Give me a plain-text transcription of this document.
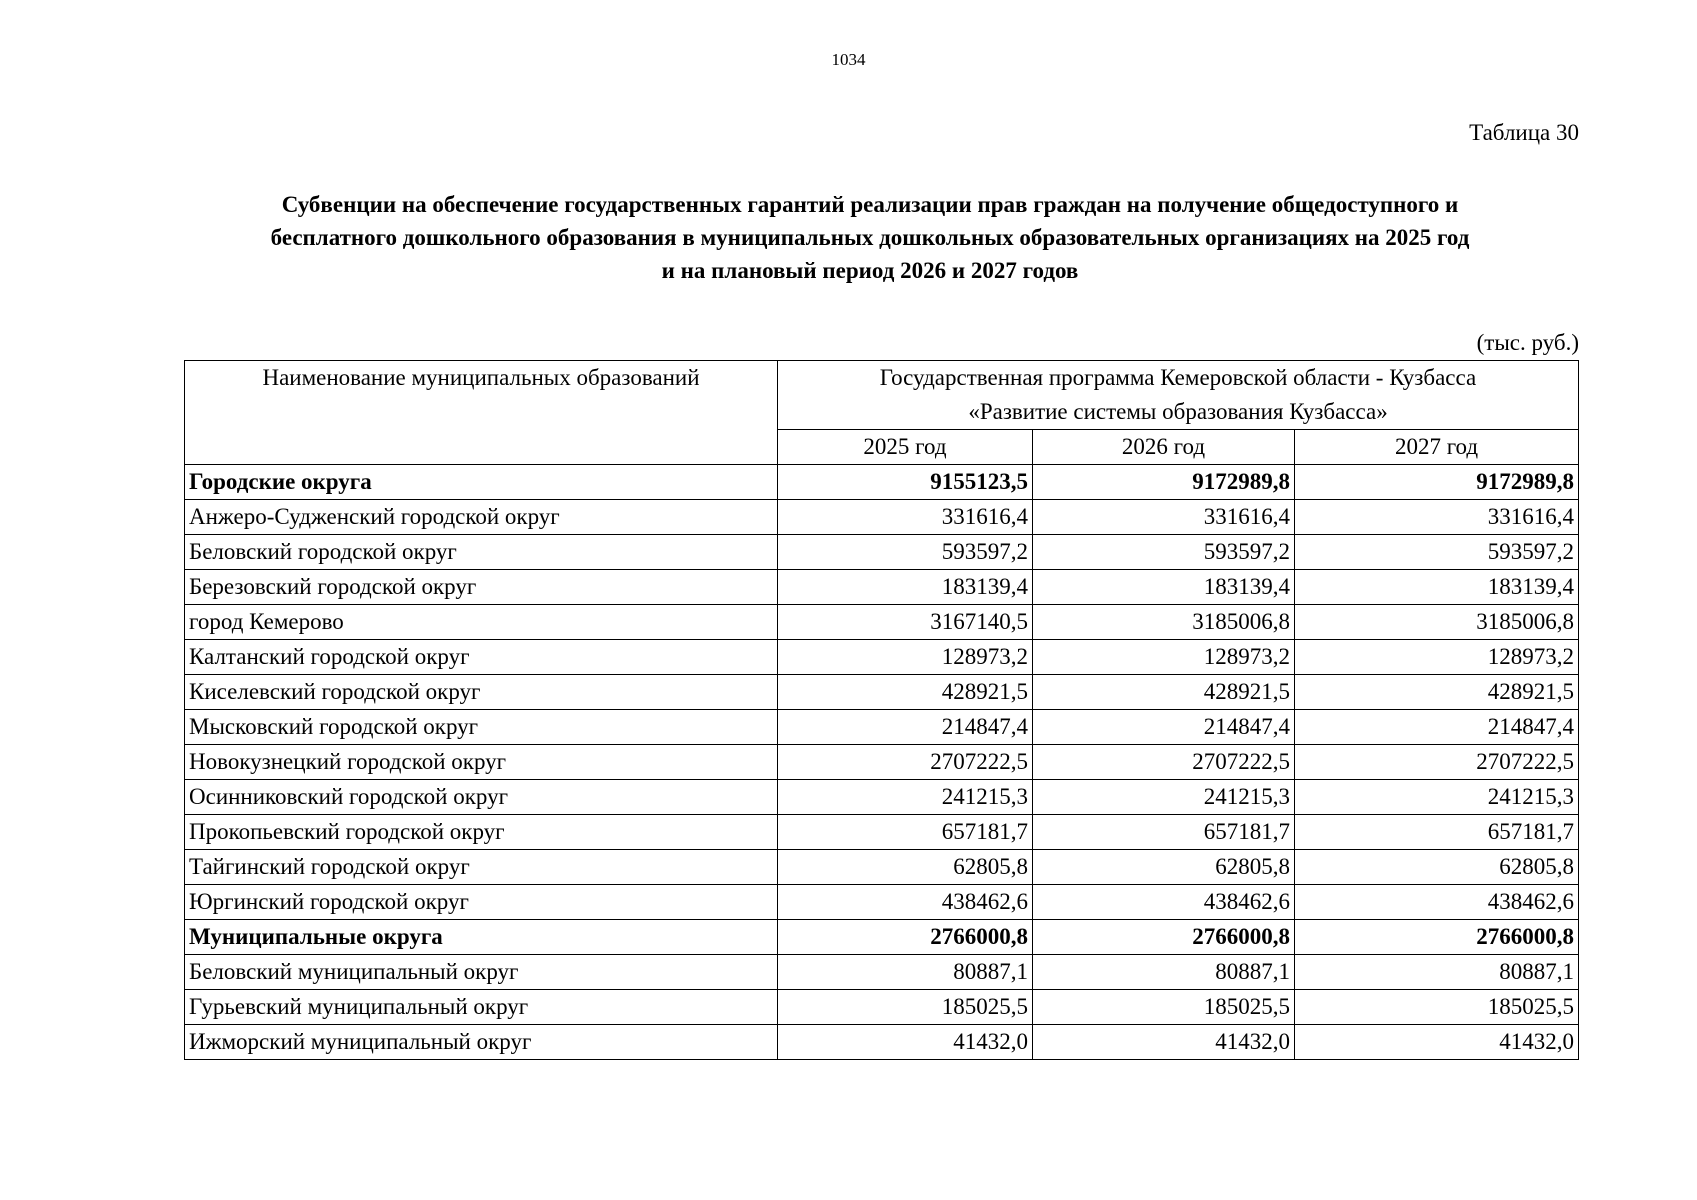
1034
Таблица 30
Субвенции на обеспечение государственных гарантий реализации прав граждан на получение общедоступного и
бесплатного дошкольного образования в муниципальных дошкольных образовательных организациях на 2025 год
и на плановый период 2026 и 2027 годов
(тыс. руб.)
Наименование муниципальных образований	Государственная программа Кемеровской области - Кузбасса
«Развитие системы образования Кузбасса»		

	2025 год	2026 год	2027 год
Городские округа	9155123,5	9172989,8	9172989,8
Анжеро-Судженский городской округ	331616,4	331616,4	331616,4
Беловский городской округ	593597,2	593597,2	593597,2
Березовский городской округ	183139,4	183139,4	183139,4
город Кемерово	3167140,5	3185006,8	3185006,8
Калтанский городской округ	128973,2	128973,2	128973,2
Киселевский городской округ	428921,5	428921,5	428921,5
Мысковский городской округ	214847,4	214847,4	214847,4
Новокузнецкий городской округ	2707222,5	2707222,5	2707222,5
Осинниковский городской округ	241215,3	241215,3	241215,3
Прокопьевский городской округ	657181,7	657181,7	657181,7
Тайгинский городской округ	62805,8	62805,8	62805,8
Юргинский городской округ	438462,6	438462,6	438462,6
Муниципальные округа	2766000,8	2766000,8	2766000,8
Беловский муниципальный округ	80887,1	80887,1	80887,1
Гурьевский муниципальный округ	185025,5	185025,5	185025,5
Ижморский муниципальный округ	41432,0	41432,0	41432,0
